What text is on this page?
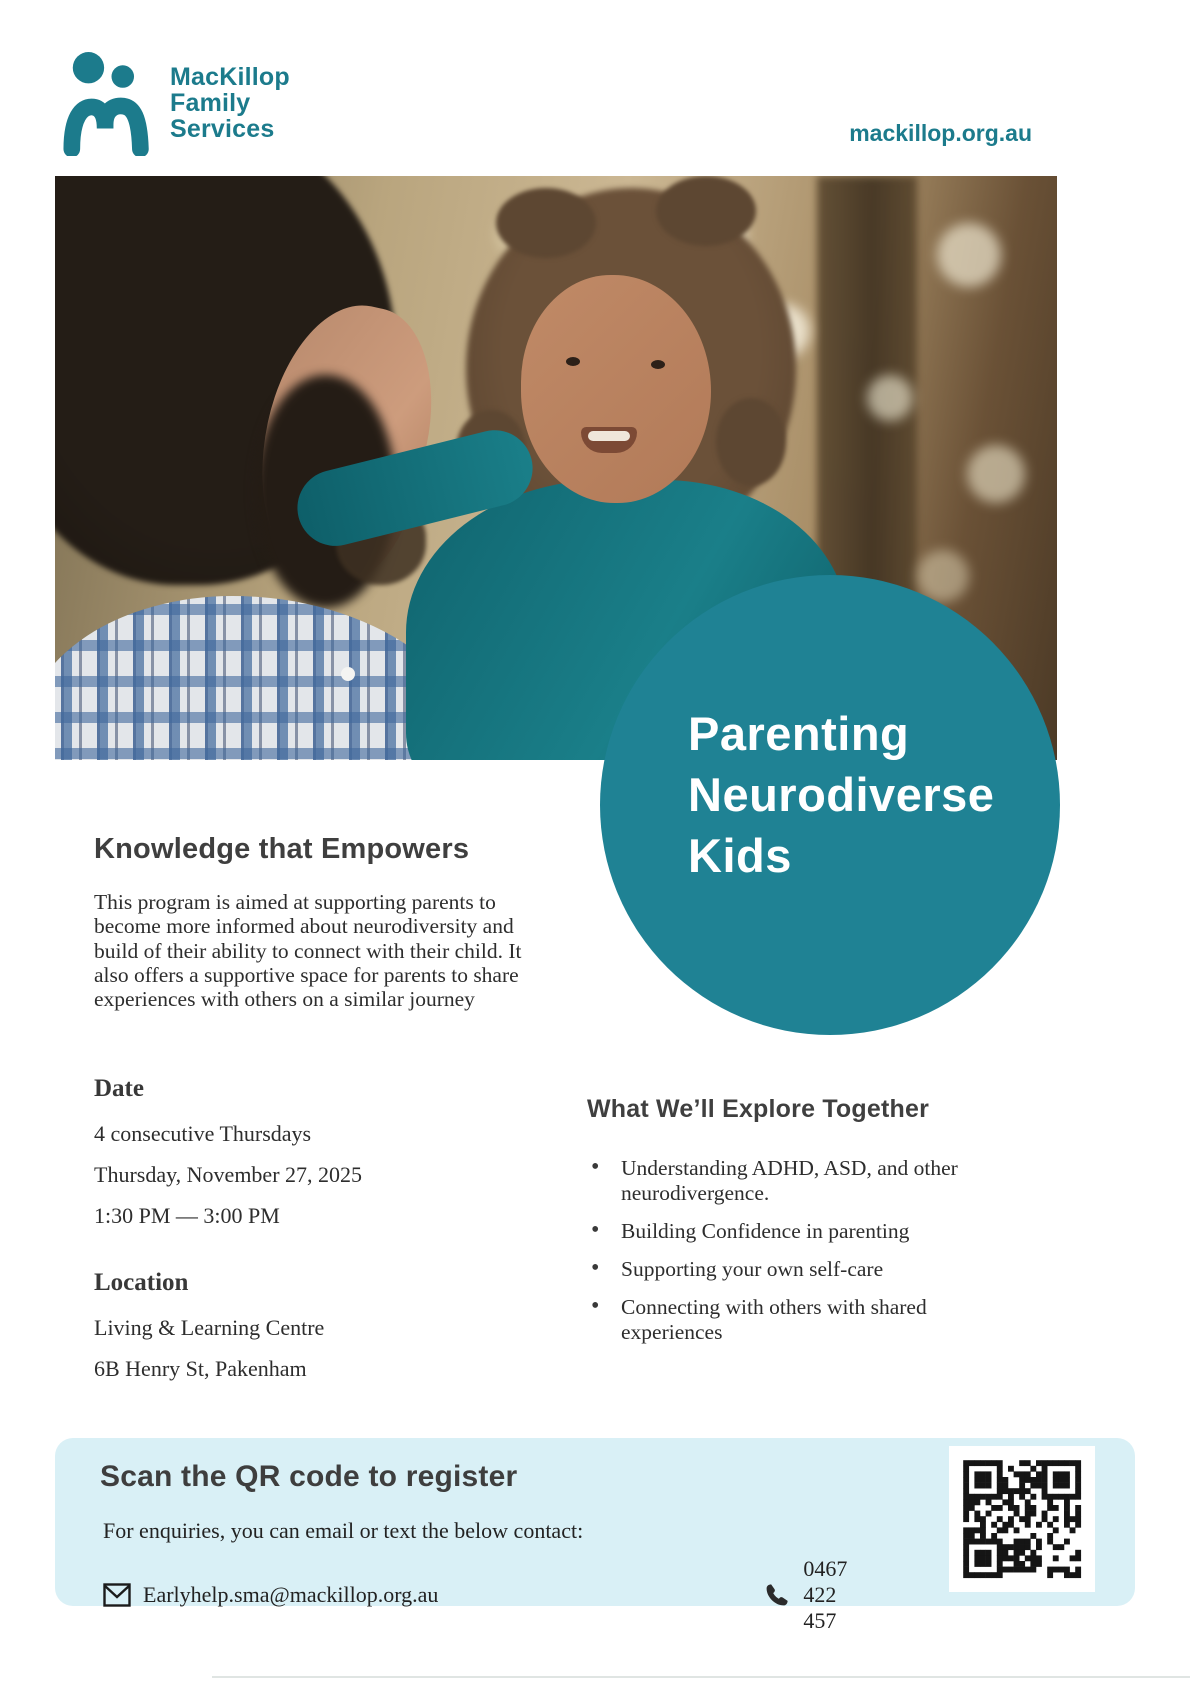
MacKillop
Family
Services	mackillop.org.au
Parenting
Neurodiverse
Kids
Knowledge that Empowers

This program is aimed at supporting parents to become more informed about neurodiversity and build of their ability to connect with their child. It also offers a supportive space for parents to share experiences with others on a similar journey

Date

4 consecutive Thursdays

Thursday, November 27, 2025

1:30 PM — 3:00 PM

Location

Living & Learning Centre

6B Henry St, Pakenham

What We’ll Explore Together
• Understanding ADHD, ASD, and other neurodivergence.
• Building Confidence in parenting
• Supporting your own self-care
• Connecting with others with shared experiences
Scan the QR code to register
For enquiries, you can email or text the below contact:
Earlyhelp.sma@mackillop.org.au
0467 422 457
